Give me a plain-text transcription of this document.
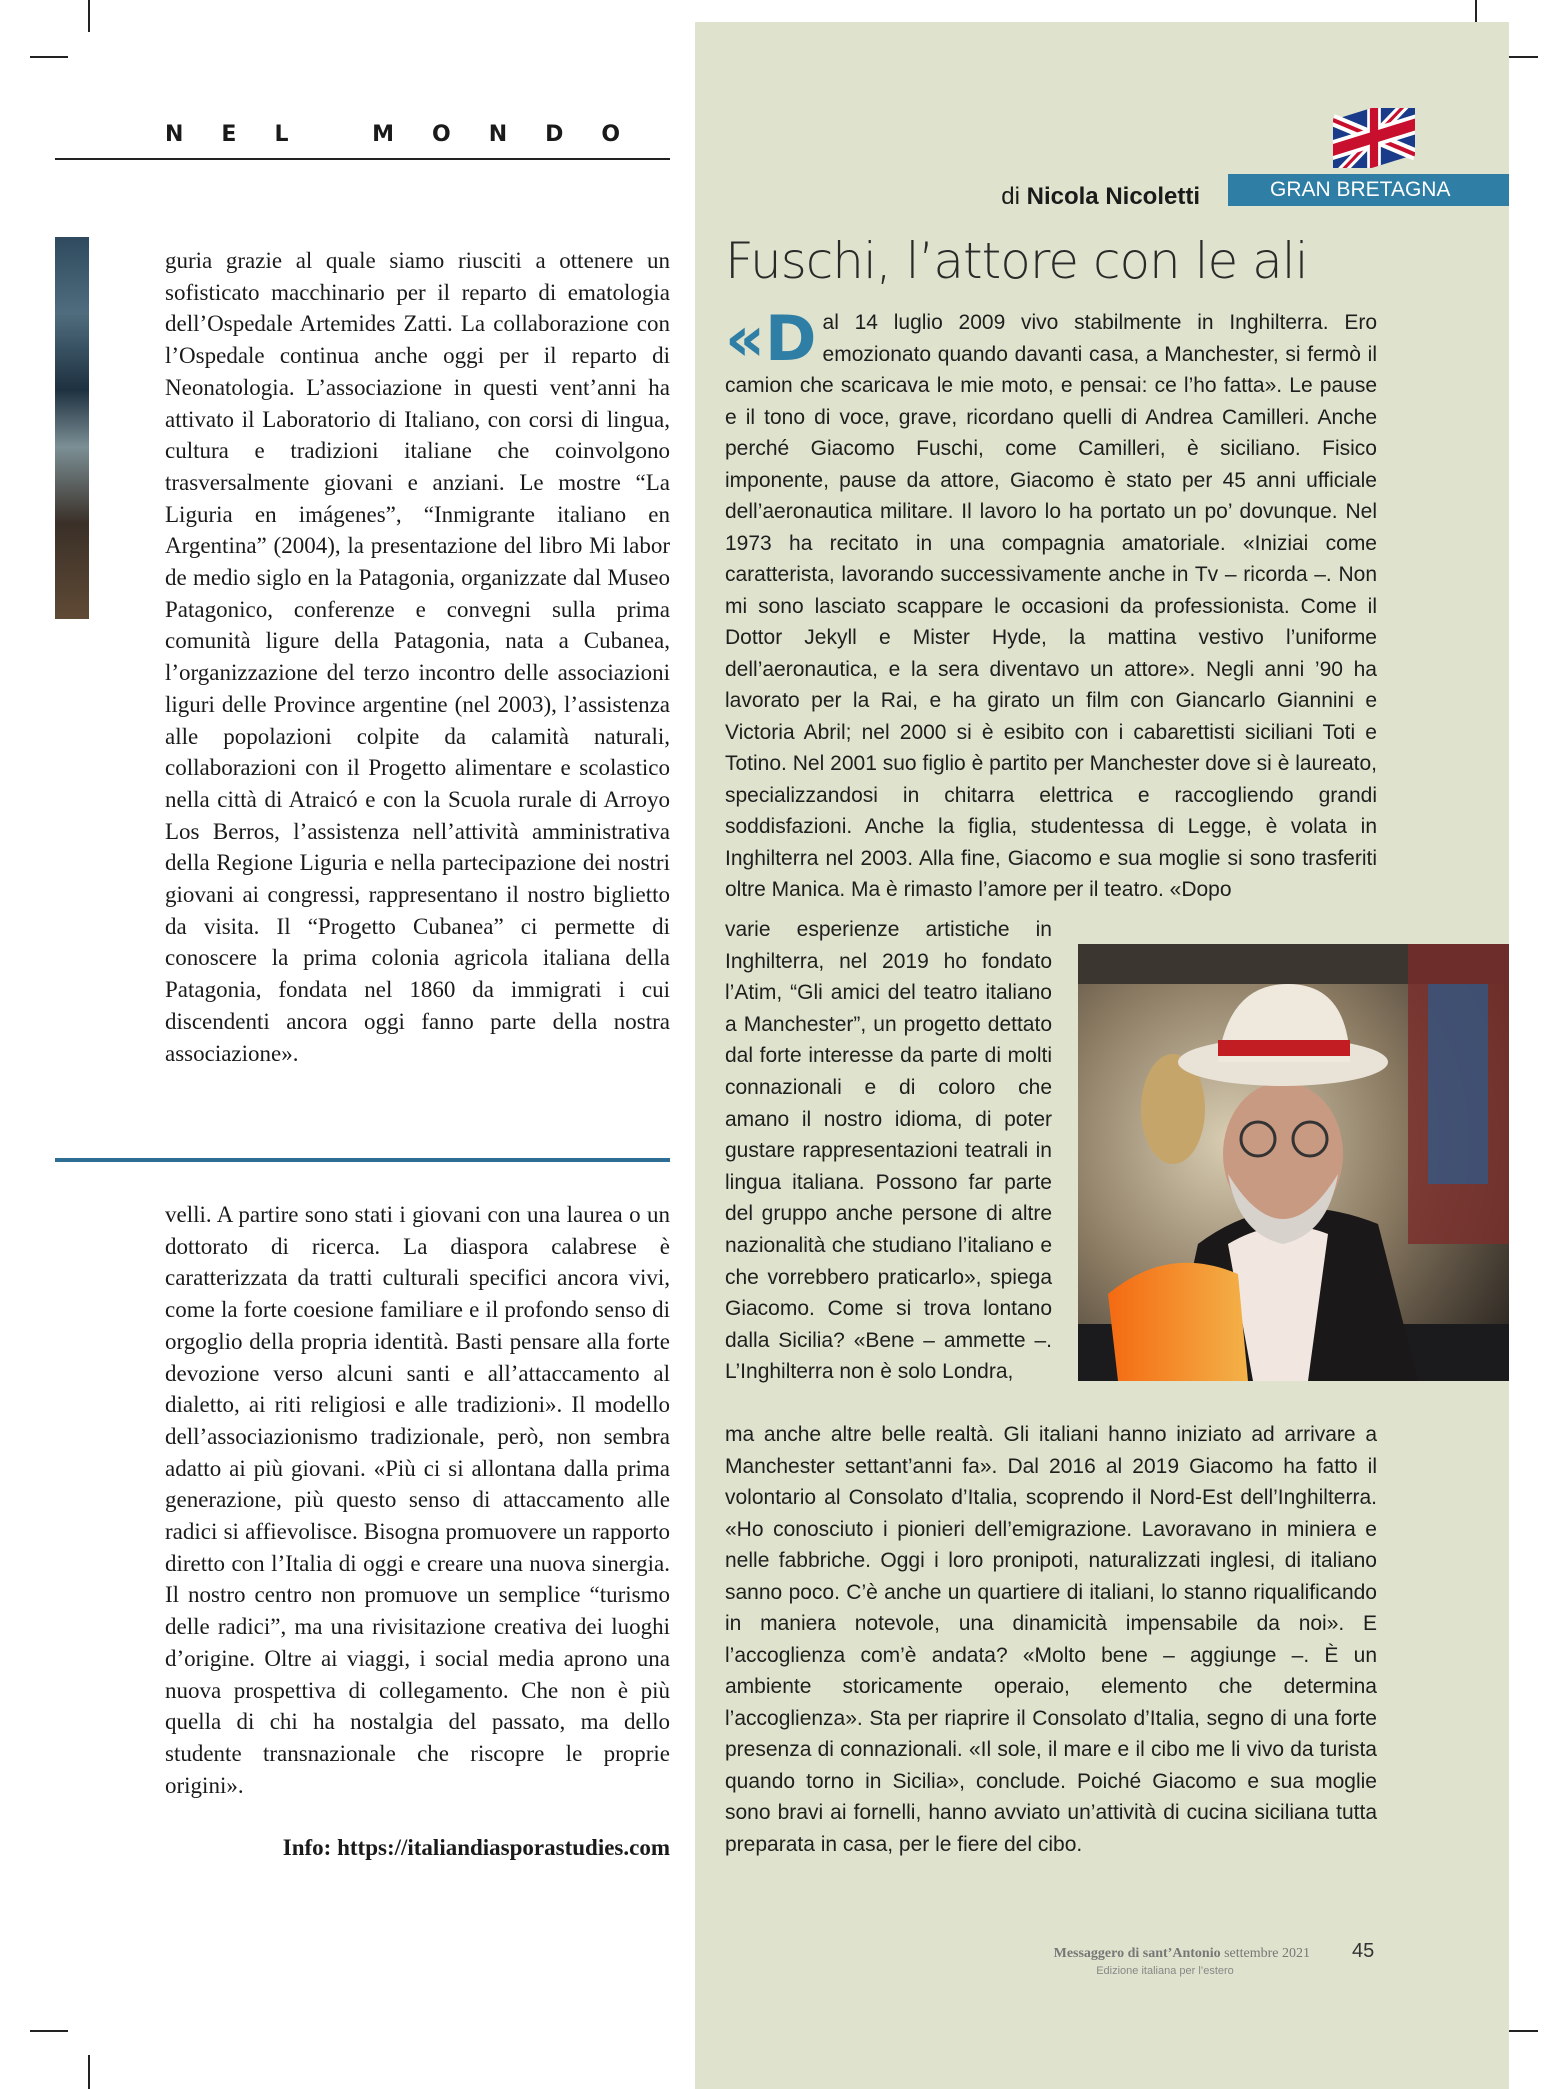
NEL MONDO

guria grazie al quale siamo riusciti a ottenere un sofisticato macchinario per il reparto di ematologia dell’Ospedale Artemides Zatti. La collaborazione con l’Ospedale continua anche oggi per il reparto di Neonatologia. L’associazione in questi vent’anni ha attivato il Laboratorio di Italiano, con corsi di lingua, cultura e tradizioni italiane che coinvolgono trasversalmente giovani e anziani. Le mostre “La Liguria en imágenes”, “Inmigrante italiano en Argentina” (2004), la presentazione del libro Mi labor de medio siglo en la Patagonia, organizzate dal Museo Patagonico, conferenze e convegni sulla prima comunità ligure della Patagonia, nata a Cubanea, l’organizzazione del terzo incontro delle associazioni liguri delle Province argentine (nel 2003), l’assistenza alle popolazioni colpite da calamità naturali, collaborazioni con il Progetto alimentare e scolastico nella città di Atraicó e con la Scuola rurale di Arroyo Los Berros, l’assistenza nell’attività amministrativa della Regione Liguria e nella partecipazione dei nostri giovani ai congressi, rappresentano il nostro biglietto da visita. Il “Progetto Cubanea” ci permette di conoscere la prima colonia agricola italiana della Patagonia, fondata nel 1860 da immigrati i cui discendenti ancora oggi fanno parte della nostra associazione».

velli. A partire sono stati i giovani con una laurea o un dottorato di ricerca. La diaspora calabrese è caratterizzata da tratti culturali specifici ancora vivi, come la forte coesione familiare e il profondo senso di orgoglio della propria identità. Basti pensare alla forte devozione verso alcuni santi e all’attaccamento al dialetto, ai riti religiosi e alle tradizioni». Il modello dell’associazionismo tradizionale, però, non sembra adatto ai più giovani. «Più ci si allontana dalla prima generazione, più questo senso di attaccamento alle radici si affievolisce. Bisogna promuovere un rapporto diretto con l’Italia di oggi e creare una nuova sinergia. Il nostro centro non promuove un semplice “turismo delle radici”, ma una rivisitazione creativa dei luoghi d’origine. Oltre ai viaggi, i social media aprono una nuova prospettiva di collegamento. Che non è più quella di chi ha nostalgia del passato, ma dello studente transnazionale che riscopre le proprie origini».

Info: https://italiandiasporastudies.com
di Nicola Nicoletti	GRAN BRETAGNA
Fuschi, l’attore con le ali
«D al 14 luglio 2009 vivo stabilmente in Inghilterra. Ero emozionato quando davanti casa, a Manchester, si fermò il camion che scaricava le mie moto, e pensai: ce l’ho fatta». Le pause e il tono di voce, grave, ricordano quelli di Andrea Camilleri. Anche perché Giacomo Fuschi, come Camilleri, è siciliano. Fisico imponente, pause da attore, Giacomo è stato per 45 anni ufficiale dell’aeronautica militare. Il lavoro lo ha portato un po’ dovunque. Nel 1973 ha recitato in una compagnia amatoriale. «Iniziai come caratterista, lavorando successivamente anche in Tv – ricorda –. Non mi sono lasciato scappare le occasioni da professionista. Come il Dottor Jekyll e Mister Hyde, la mattina vestivo l’uniforme dell’aeronautica, e la sera diventavo un attore». Negli anni ’90 ha lavorato per la Rai, e ha girato un film con Giancarlo Giannini e Victoria Abril; nel 2000 si è esibito con i cabarettisti siciliani Toti e Totino. Nel 2001 suo figlio è partito per Manchester dove si è laureato, specializzandosi in chitarra elettrica e raccogliendo grandi soddisfazioni. Anche la figlia, studentessa di Legge, è volata in Inghilterra nel 2003. Alla fine, Giacomo e sua moglie si sono trasferiti oltre Manica. Ma è rimasto l’amore per il teatro. «Dopo
varie esperienze artistiche in Inghilterra, nel 2019 ho fondato l’Atim, “Gli amici del teatro italiano a Manchester”, un progetto dettato dal forte interesse da parte di molti connazionali e di coloro che amano il nostro idioma, di poter gustare rappresentazioni teatrali in lingua italiana. Possono far parte del gruppo anche persone di altre nazionalità che studiano l’italiano e che vorrebbero praticarlo», spiega Giacomo. Come si trova lontano dalla Sicilia? «Bene – ammette –. L’Inghilterra non è solo Londra,
ma anche altre belle realtà. Gli italiani hanno iniziato ad arrivare a Manchester settant’anni fa». Dal 2016 al 2019 Giacomo ha fatto il volontario al Consolato d’Italia, scoprendo il Nord-Est dell’Inghilterra. «Ho conosciuto i pionieri dell’emigrazione. Lavoravano in miniera e nelle fabbriche. Oggi i loro pronipoti, naturalizzati inglesi, di italiano sanno poco. C’è anche un quartiere di italiani, lo stanno riqualificando in maniera notevole, una dinamicità impensabile da noi». E l’accoglienza com’è andata? «Molto bene – aggiunge –. È un ambiente storicamente operaio, elemento che determina l’accoglienza». Sta per riaprire il Consolato d’Italia, segno di una forte presenza di connazionali. «Il sole, il mare e il cibo me li vivo da turista quando torno in Sicilia», conclude. Poiché Giacomo e sua moglie sono bravi ai fornelli, hanno avviato un’attività di cucina siciliana tutta preparata in casa, per le fiere del cibo.
Messaggero di sant’Antonio settembre 2021
Edizione italiana per l’estero
45
